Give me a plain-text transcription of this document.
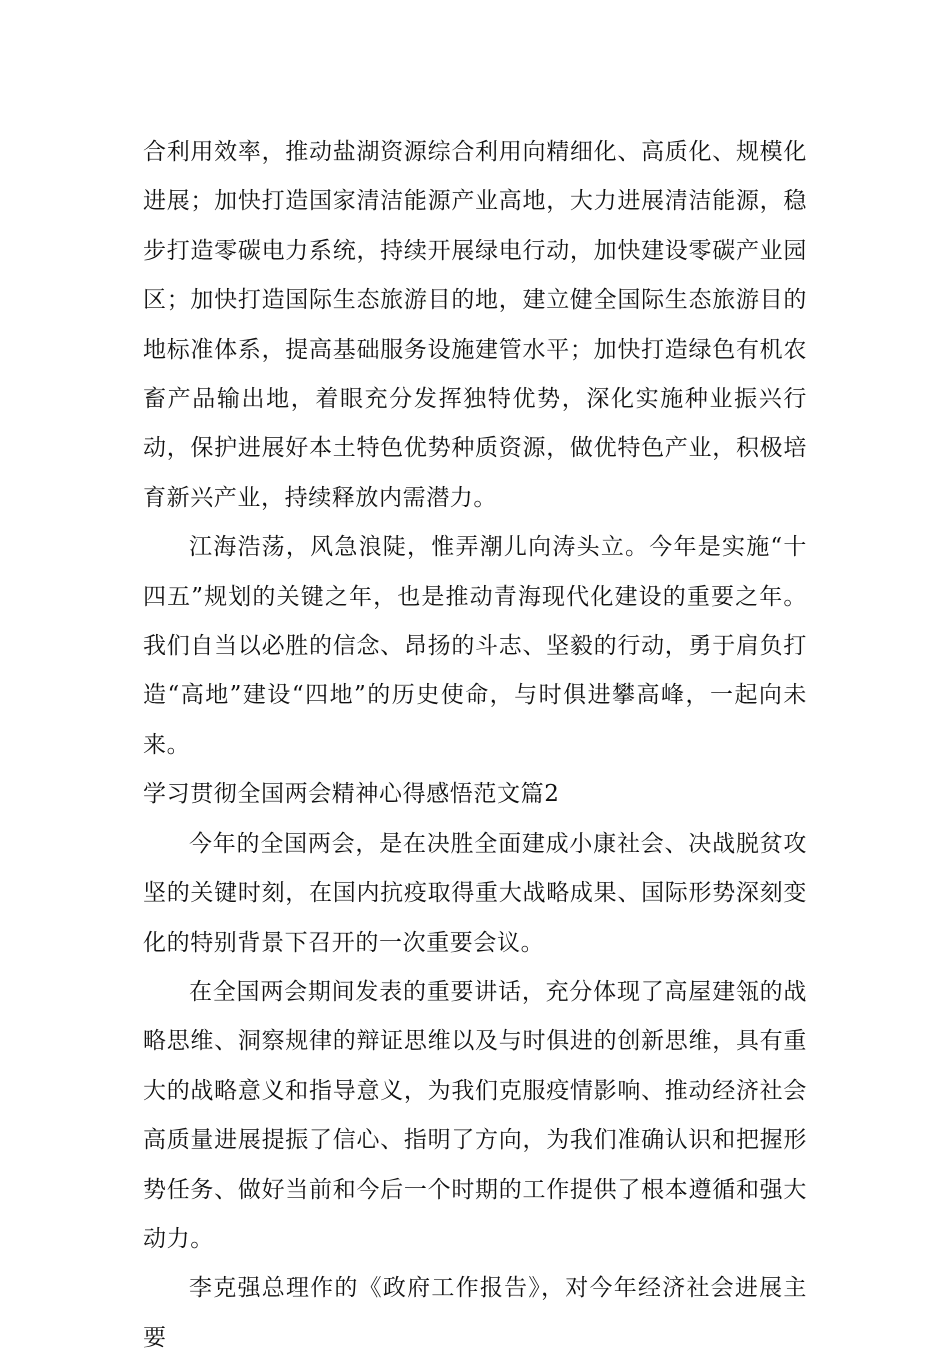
合利用效率，推动盐湖资源综合利用向精细化、高质化、规模化进展；加快打造国家清洁能源产业高地，大力进展清洁能源，稳步打造零碳电力系统，持续开展绿电行动，加快建设零碳产业园区；加快打造国际生态旅游目的地，建立健全国际生态旅游目的地标准体系，提高基础服务设施建管水平；加快打造绿色有机农畜产品输出地，着眼充分发挥独特优势，深化实施种业振兴行动，保护进展好本土特色优势种质资源，做优特色产业，积极培育新兴产业，持续释放内需潜力。

江海浩荡，风急浪陡，惟弄潮儿向涛头立。今年是实施“十四五”规划的关键之年，也是推动青海现代化建设的重要之年。我们自当以必胜的信念、昂扬的斗志、坚毅的行动，勇于肩负打造“高地”建设“四地”的历史使命，与时俱进攀高峰，一起向未来。

学习贯彻全国两会精神心得感悟范文篇2

今年的全国两会，是在决胜全面建成小康社会、决战脱贫攻坚的关键时刻，在国内抗疫取得重大战略成果、国际形势深刻变化的特别背景下召开的一次重要会议。

在全国两会期间发表的重要讲话，充分体现了高屋建瓴的战略思维、洞察规律的辩证思维以及与时俱进的创新思维，具有重大的战略意义和指导意义，为我们克服疫情影响、推动经济社会高质量进展提振了信心、指明了方向，为我们准确认识和把握形势任务、做好当前和今后一个时期的工作提供了根本遵循和强大动力。

李克强总理作的《政府工作报告》，对今年经济社会进展主要
